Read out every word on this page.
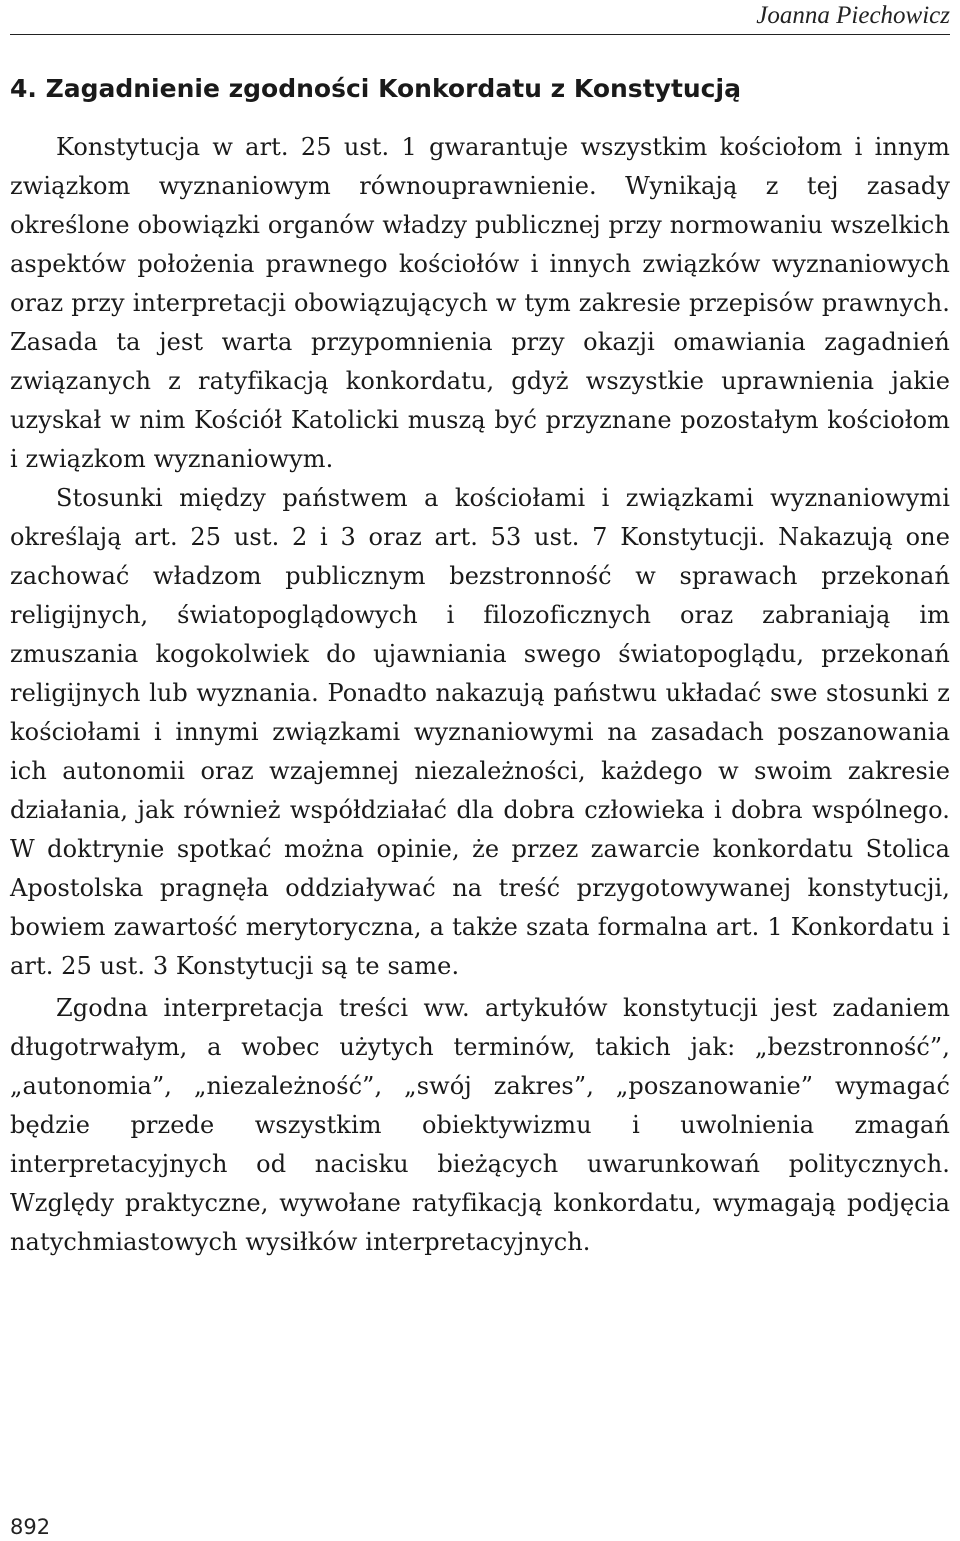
Joanna Piechowicz
4. Zagadnienie zgodności Konkordatu z Konstytucją

Konstytucja w art. 25 ust. 1 gwarantuje wszystkim kościołom i innym związkom wyznaniowym równouprawnienie. Wynikają z tej zasady określone obowiązki organów władzy publicznej przy normowaniu wszelkich aspektów położenia prawnego kościołów i innych związków wyznaniowych oraz przy interpretacji obowiązujących w tym zakresie przepisów prawnych. Zasada ta jest warta przypomnienia przy okazji omawiania zagadnień związanych z ratyfikacją konkordatu, gdyż wszystkie uprawnienia jakie uzyskał w nim Kościół Katolicki muszą być przyznane pozostałym kościołom i związkom wyznaniowym.

Stosunki między państwem a kościołami i związkami wyznaniowymi określają art. 25 ust. 2 i 3 oraz art. 53 ust. 7 Konstytucji. Nakazują one zachować władzom publicznym bezstronność w sprawach przekonań religijnych, światopoglądowych i filozoficznych oraz zabraniają im zmuszania kogokolwiek do ujawniania swego światopoglądu, przekonań religijnych lub wyznania. Ponadto nakazują państwu układać swe stosunki z kościołami i innymi związkami wyznaniowymi na zasadach poszanowania ich autonomii oraz wzajemnej niezależności, każdego w swoim zakresie działania, jak również współdziałać dla dobra człowieka i dobra wspólnego. W doktrynie spotkać można opinie, że przez zawarcie konkordatu Stolica Apostolska pragnęła oddziaływać na treść przygotowywanej konstytucji, bowiem zawartość merytoryczna, a także szata formalna art. 1 Konkordatu i art. 25 ust. 3 Konstytucji są te same.

Zgodna interpretacja treści ww. artykułów konstytucji jest zadaniem długotrwałym, a wobec użytych terminów, takich jak: „bezstronność”, „autonomia”, „niezależność”, „swój zakres”, „poszanowanie” wymagać będzie przede wszystkim obiektywizmu i uwolnienia zmagań interpretacyjnych od nacisku bieżących uwarunkowań politycznych. Względy praktyczne, wywołane ratyfikacją konkordatu, wymagają podjęcia natychmiastowych wysiłków interpretacyjnych.

892
